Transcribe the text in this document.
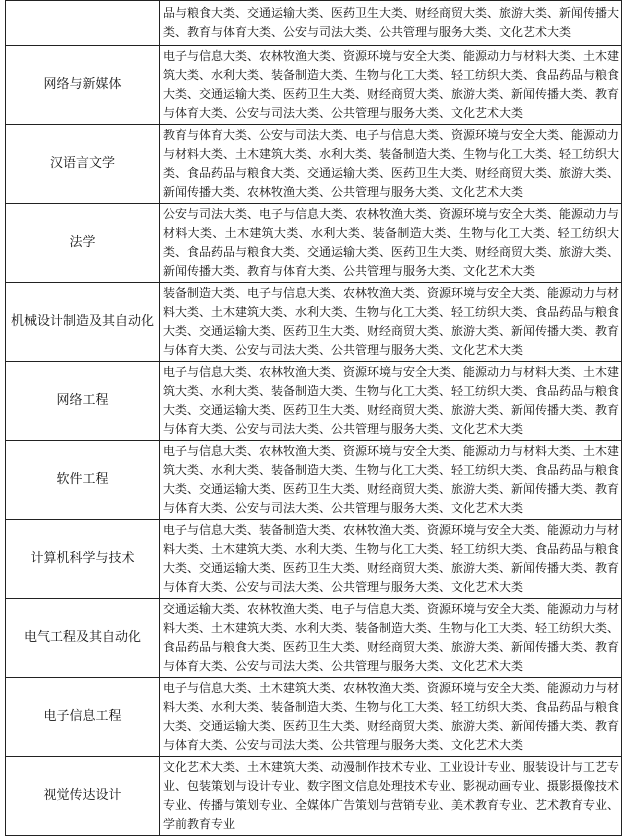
	品与粮食大类、交通运输大类、医药卫生大类、财经商贸大类、旅游大类、新闻传播大类、教育与体育大类、公安与司法大类、公共管理与服务大类、文化艺术大类
网络与新媒体	电子与信息大类、农林牧渔大类、资源环境与安全大类、能源动力与材料大类、土木建筑大类、水利大类、装备制造大类、生物与化工大类、轻工纺织大类、食品药品与粮食大类、交通运输大类、医药卫生大类、财经商贸大类、旅游大类、新闻传播大类、教育与体育大类、公安与司法大类、公共管理与服务大类、文化艺术大类
汉语言文学	教育与体育大类、公安与司法大类、电子与信息大类、资源环境与安全大类、能源动力与材料大类、土木建筑大类、水利大类、装备制造大类、生物与化工大类、轻工纺织大类、食品药品与粮食大类、交通运输大类、医药卫生大类、财经商贸大类、旅游大类、新闻传播大类、农林牧渔大类、公共管理与服务大类、文化艺术大类
法学	公安与司法大类、电子与信息大类、农林牧渔大类、资源环境与安全大类、能源动力与材料大类、土木建筑大类、水利大类、装备制造大类、生物与化工大类、轻工纺织大类、食品药品与粮食大类、交通运输大类、医药卫生大类、财经商贸大类、旅游大类、新闻传播大类、教育与体育大类、公共管理与服务大类、文化艺术大类
机械设计制造及其自动化	装备制造大类、电子与信息大类、农林牧渔大类、资源环境与安全大类、能源动力与材料大类、土木建筑大类、水利大类、生物与化工大类、轻工纺织大类、食品药品与粮食大类、交通运输大类、医药卫生大类、财经商贸大类、旅游大类、新闻传播大类、教育与体育大类、公安与司法大类、公共管理与服务大类、文化艺术大类
网络工程	电子与信息大类、农林牧渔大类、资源环境与安全大类、能源动力与材料大类、土木建筑大类、水利大类、装备制造大类、生物与化工大类、轻工纺织大类、食品药品与粮食大类、交通运输大类、医药卫生大类、财经商贸大类、旅游大类、新闻传播大类、教育与体育大类、公安与司法大类、公共管理与服务大类、文化艺术大类
软件工程	电子与信息大类、农林牧渔大类、资源环境与安全大类、能源动力与材料大类、土木建筑大类、水利大类、装备制造大类、生物与化工大类、轻工纺织大类、食品药品与粮食大类、交通运输大类、医药卫生大类、财经商贸大类、旅游大类、新闻传播大类、教育与体育大类、公安与司法大类、公共管理与服务大类、文化艺术大类
计算机科学与技术	电子与信息大类、装备制造大类、农林牧渔大类、资源环境与安全大类、能源动力与材料大类、土木建筑大类、水利大类、生物与化工大类、轻工纺织大类、食品药品与粮食大类、交通运输大类、医药卫生大类、财经商贸大类、旅游大类、新闻传播大类、教育与体育大类、公安与司法大类、公共管理与服务大类、文化艺术大类
电气工程及其自动化	交通运输大类、农林牧渔大类、电子与信息大类、资源环境与安全大类、能源动力与材料大类、土木建筑大类、水利大类、装备制造大类、生物与化工大类、轻工纺织大类、食品药品与粮食大类、医药卫生大类、财经商贸大类、旅游大类、新闻传播大类、教育与体育大类、公安与司法大类、公共管理与服务大类、文化艺术大类
电子信息工程	电子与信息大类、土木建筑大类、农林牧渔大类、资源环境与安全大类、能源动力与材料大类、水利大类、装备制造大类、生物与化工大类、轻工纺织大类、食品药品与粮食大类、交通运输大类、医药卫生大类、财经商贸大类、旅游大类、新闻传播大类、教育与体育大类、公安与司法大类、公共管理与服务大类、文化艺术大类
视觉传达设计	文化艺术大类、土木建筑大类、动漫制作技术专业、工业设计专业、服装设计与工艺专业、包装策划与设计专业、数字图文信息处理技术专业、影视动画专业、摄影摄像技术专业、传播与策划专业、全媒体广告策划与营销专业、美术教育专业、艺术教育专业、学前教育专业
